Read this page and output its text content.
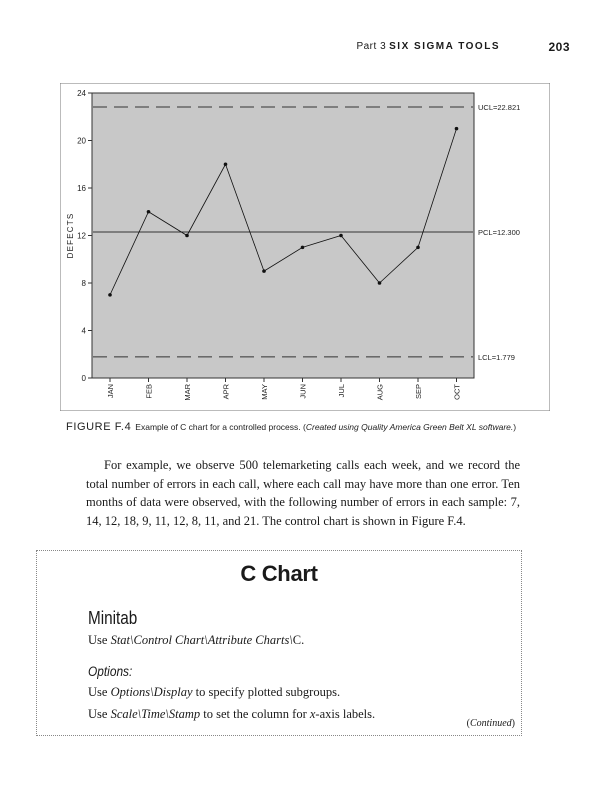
Part 3 SIX SIGMA TOOLS	203
0
4
8
12
16
20
24
DEFECTS
UCL=22.821
PCL=12.300
LCL=1.779
JAN	FEB	MAR	APR	MAY	JUN	JUL	AUG	SEP	OCT
FIGURE F.4 Example of C chart for a controlled process. (Created using Quality America Green Belt XL software.)

For example, we observe 500 telemarketing calls each week, and we record the total number of errors in each call, where each call may have more than one error. Ten months of data were observed, with the following number of errors in each sample: 7, 14, 12, 18, 9, 11, 12, 8, 11, and 21. The control chart is shown in Figure F.4.

C Chart
Minitab
Use Stat\Control Chart\Attribute Charts\C.
Options:
Use Options\Display to specify plotted subgroups.
Use Scale\Time\Stamp to set the column for x-axis labels.
(Continued)
